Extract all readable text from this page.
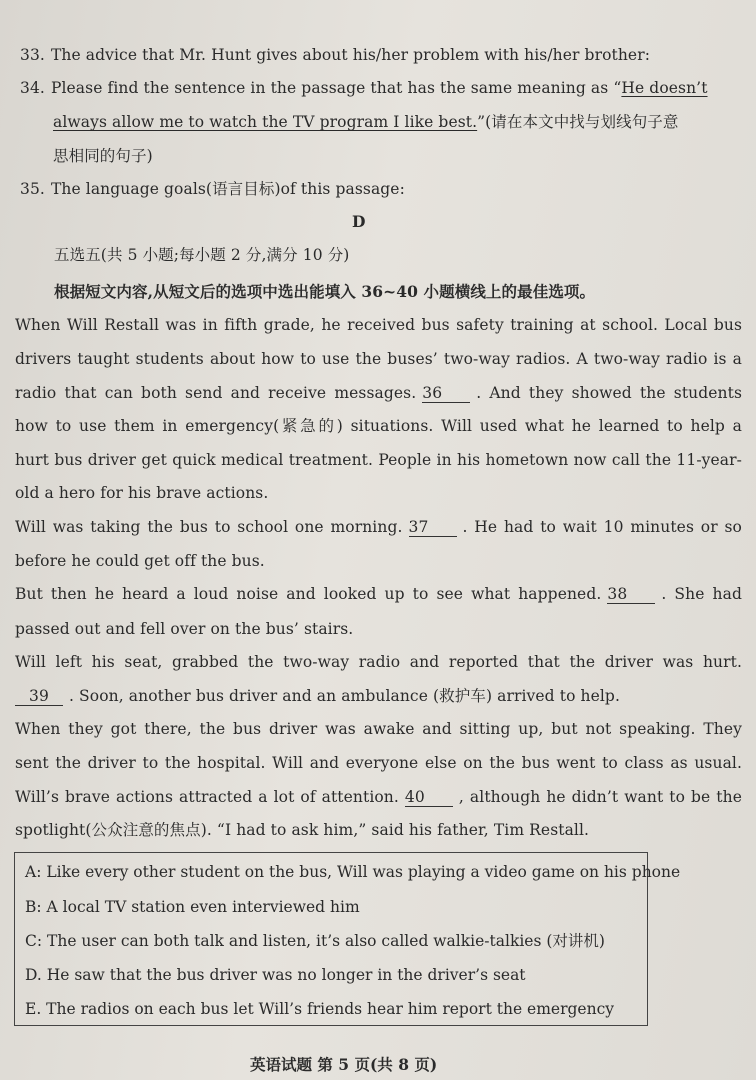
33. The advice that Mr. Hunt gives about his/her problem with his/her brother:
34. Please find the sentence in the passage that has the same meaning as “He doesn’t
always allow me to watch the TV program I like best.”(请在本文中找与划线句子意
思相同的句子)
35. The language goals(语言目标)of this passage:
D
五选五(共 5 小题;每小题 2 分,满分 10 分)
根据短文内容,从短文后的选项中选出能填入 36~40 小题横线上的最佳选项。
When Will Restall was in fifth grade, he received bus safety training at school. Local bus
drivers taught students about how to use the buses’ two-way radios. A two-way radio is a
radio that can both send and receive messages. 36 . And they showed the students
how to use them in emergency(紧急的) situations. Will used what he learned to help a
hurt bus driver get quick medical treatment. People in his hometown now call the 11-year-
old a hero for his brave actions.
Will was taking the bus to school one morning. 37 . He had to wait 10 minutes or so
before he could get off the bus.
But then he heard a loud noise and looked up to see what happened. 38 . She had
passed out and fell over on the bus’ stairs.
Will left his seat, grabbed the two-way radio and reported that the driver was hurt.
39 . Soon, another bus driver and an ambulance (救护车) arrived to help.
When they got there, the bus driver was awake and sitting up, but not speaking. They
sent the driver to the hospital. Will and everyone else on the bus went to class as usual.
Will’s brave actions attracted a lot of attention. 40 , although he didn’t want to be the
spotlight(公众注意的焦点). “I had to ask him,” said his father, Tim Restall.
A: Like every other student on the bus, Will was playing a video game on his phone
B: A local TV station even interviewed him
C: The user can both talk and listen, it’s also called walkie-talkies (对讲机)
D. He saw that the bus driver was no longer in the driver’s seat
E. The radios on each bus let Will’s friends hear him report the emergency
英语试题 第 5 页(共 8 页)
